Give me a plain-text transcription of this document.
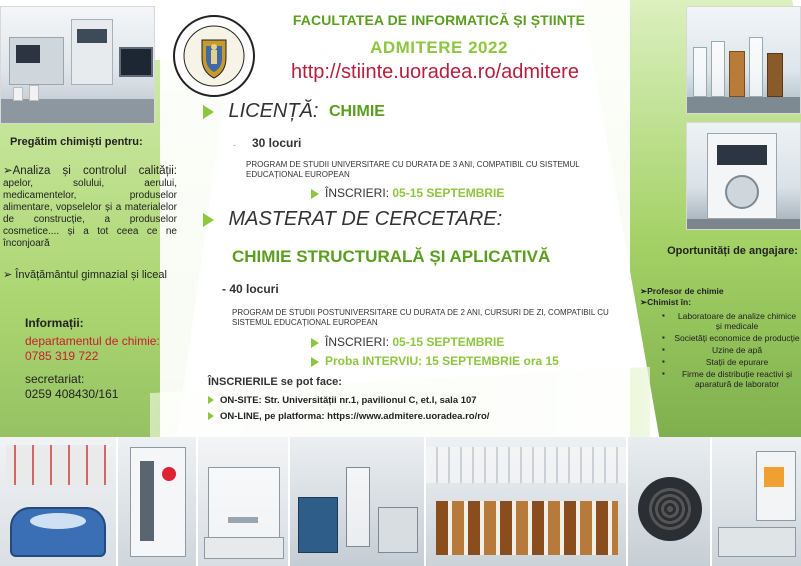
FACULTATEA DE INFORMATICĂ ȘI ȘTIINȚE
ADMITERE 2022
http://stiinte.uoradea.ro/admitere
LICENȚĂ: CHIMIE
- 30 locuri
PROGRAM DE STUDII UNIVERSITARE CU DURATA DE 3 ANI, COMPATIBIL CU SISTEMUL EDUCAȚIONAL EUROPEAN
ÎNSCRIERI: 05-15 SEPTEMBRIE
MASTERAT DE CERCETARE:
CHIMIE STRUCTURALĂ ȘI APLICATIVĂ
- 40 locuri
PROGRAM DE STUDII POSTUNIVERSITARE CU DURATA DE 2 ANI, CURSURI DE ZI, COMPATIBIL CU SISTEMUL EDUCAȚIONAL EUROPEAN
ÎNSCRIERI: 05-15 SEPTEMBRIE
Proba INTERVIU: 15 SEPTEMBRIE ora 15
ÎNSCRIERILE se pot face:
ON-SITE: Str. Universității nr.1, pavilionul C, et.I, sala 107
ON-LINE, pe platforma: https://www.admitere.uoradea.ro/ro/
Pregătim chimiști pentru:
➢Analiza și controlul calității: apelor, solului, aerului, medicamentelor, produselor alimentare, vopselelor și a materialelor de construcție, a produselor cosmetice.... și a tot ceea ce ne înconjoară
➢ Învățământul gimnazial și liceal
Informații:
departamentul de chimie:
0785 319 722
secretariat:
0259 408430/161
Oportunități de angajare:
➢Profesor de chimie
➢Chimist în:
▪ Laboratoare de analize chimice și medicale
▪ Societăți economice de producție
▪ Uzine de apă
▪ Stații de epurare
▪ Firme de distribuție reactivi și aparatură de laborator
